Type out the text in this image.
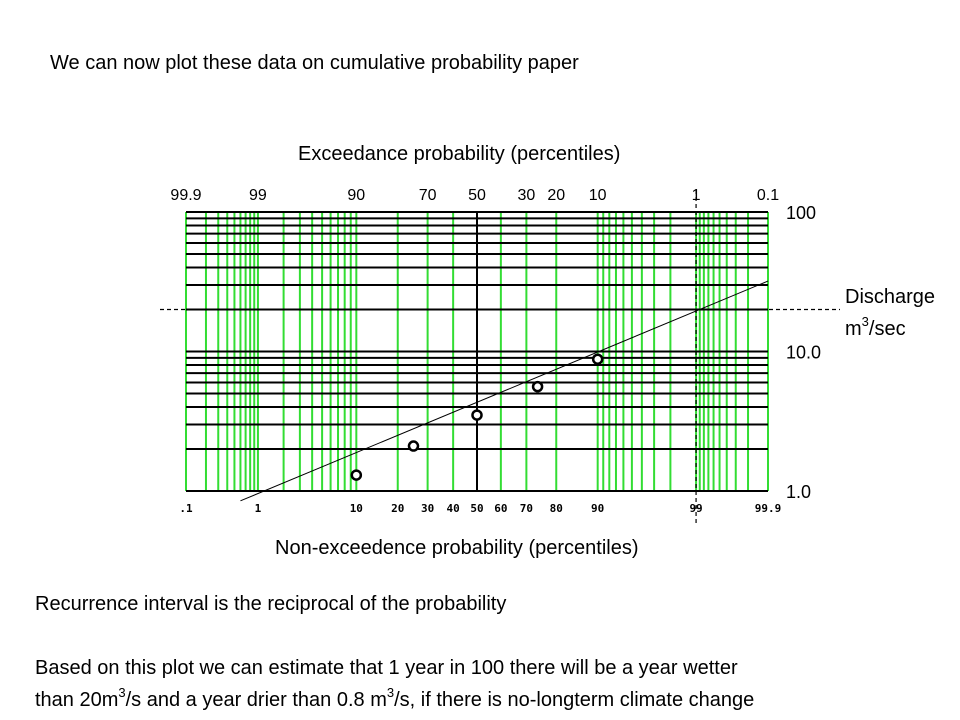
We can now plot these data on cumulative probability paper
Exceedance probability (percentiles)
Non-exceedence probability (percentiles)
Discharge
$m^3/\sec$
100
10.0
1.0
99.9	99	90	70 50 30 20 10	1	0.1
.1	1	10	20 30 40 50 60 70 80	90	99	99.9
Recurrence interval is the reciprocal of the probability
Based on this plot we can estimate that 1 year in 100 there will be a year wetter
than $20m^3/s$ and a year drier than 0.8 $m^3/s$, if there is no-longterm climate change
